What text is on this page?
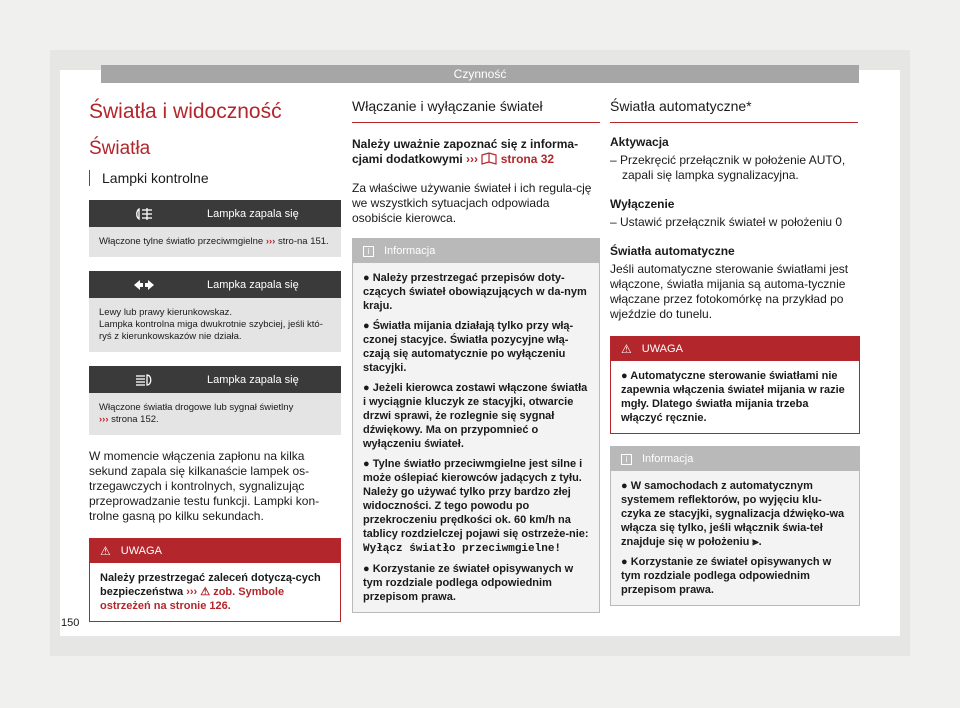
Czynność
Światła i widoczność
Światła
Lampki kontrolne
Lampka zapala się
Włączone tylne światło przeciwmgielne ››› stro-na 151.
Lampka zapala się
Lewy lub prawy kierunkowskaz.
Lampka kontrolna miga dwukrotnie szybciej, jeśli któ-ryś z kierunkowskazów nie działa.
Lampka zapala się
Włączone światła drogowe lub sygnał świetlny
››› strona 152.
W momencie włączenia zapłonu na kilka sekund zapala się kilkanaście lampek os-trzegawczych i kontrolnych, sygnalizując przeprowadzanie testu funkcji. Lampki kon-trolne gasną po kilku sekundach.
⚠ UWAGA
Należy przestrzegać zaleceń dotyczą-cych bezpieczeństwa ››› ⚠ zob. Symbole ostrzeżeń na stronie 126.
Włączanie i wyłączanie świateł
Należy uważnie zapoznać się z informa-cjami dodatkowymi ››› strona 32
Za właściwe używanie świateł i ich regula-cję we wszystkich sytuacjach odpowiada osobiście kierowca.
i	Informacja
● Należy przestrzegać przepisów doty-czących świateł obowiązujących w da-nym kraju.
● Światła mijania działają tylko przy włą-czonej stacyjce. Światła pozycyjne włą-czają się automatycznie po wyłączeniu stacyjki.
● Jeżeli kierowca zostawi włączone światła i wyciągnie kluczyk ze stacyjki, otwarcie drzwi sprawi, że rozlegnie się sygnał dźwiękowy. Ma on przypomnieć o wyłączeniu świateł.
● Tylne światło przeciwmgielne jest silne i może oślepiać kierowców jadących z tyłu. Należy go używać tylko przy bardzo złej widoczności. Z tego powodu po przekroczeniu prędkości ok. 60 km/h na tablicy rozdzielczej pojawi się ostrzeże-nie: Wyłącz światło przeciwmgielne!
● Korzystanie ze świateł opisywanych w tym rozdziale podlega odpowiednim przepisom prawa.
Światła automatyczne*
Aktywacja
– Przekręcić przełącznik w położenie AUTO, zapali się lampka sygnalizacyjna.
Wyłączenie
– Ustawić przełącznik świateł w położeniu 0
Światła automatyczne
Jeśli automatyczne sterowanie światłami jest włączone, światła mijania są automa-tycznie włączane przez fotokomórkę na przykład po wjeździe do tunelu.
⚠ UWAGA
● Automatyczne sterowanie światłami nie zapewnia włączenia świateł mijania w razie mgły. Dlatego światła mijania trzeba włączyć ręcznie.
i	Informacja
● W samochodach z automatycznym systemem reflektorów, po wyjęciu klu-czyka ze stacyjki, sygnalizacja dźwięko-wa włącza się tylko, jeśli włącznik świa-teł znajduje się w położeniu ⫸.
● Korzystanie ze świateł opisywanych w tym rozdziale podlega odpowiednim przepisom prawa.
150
